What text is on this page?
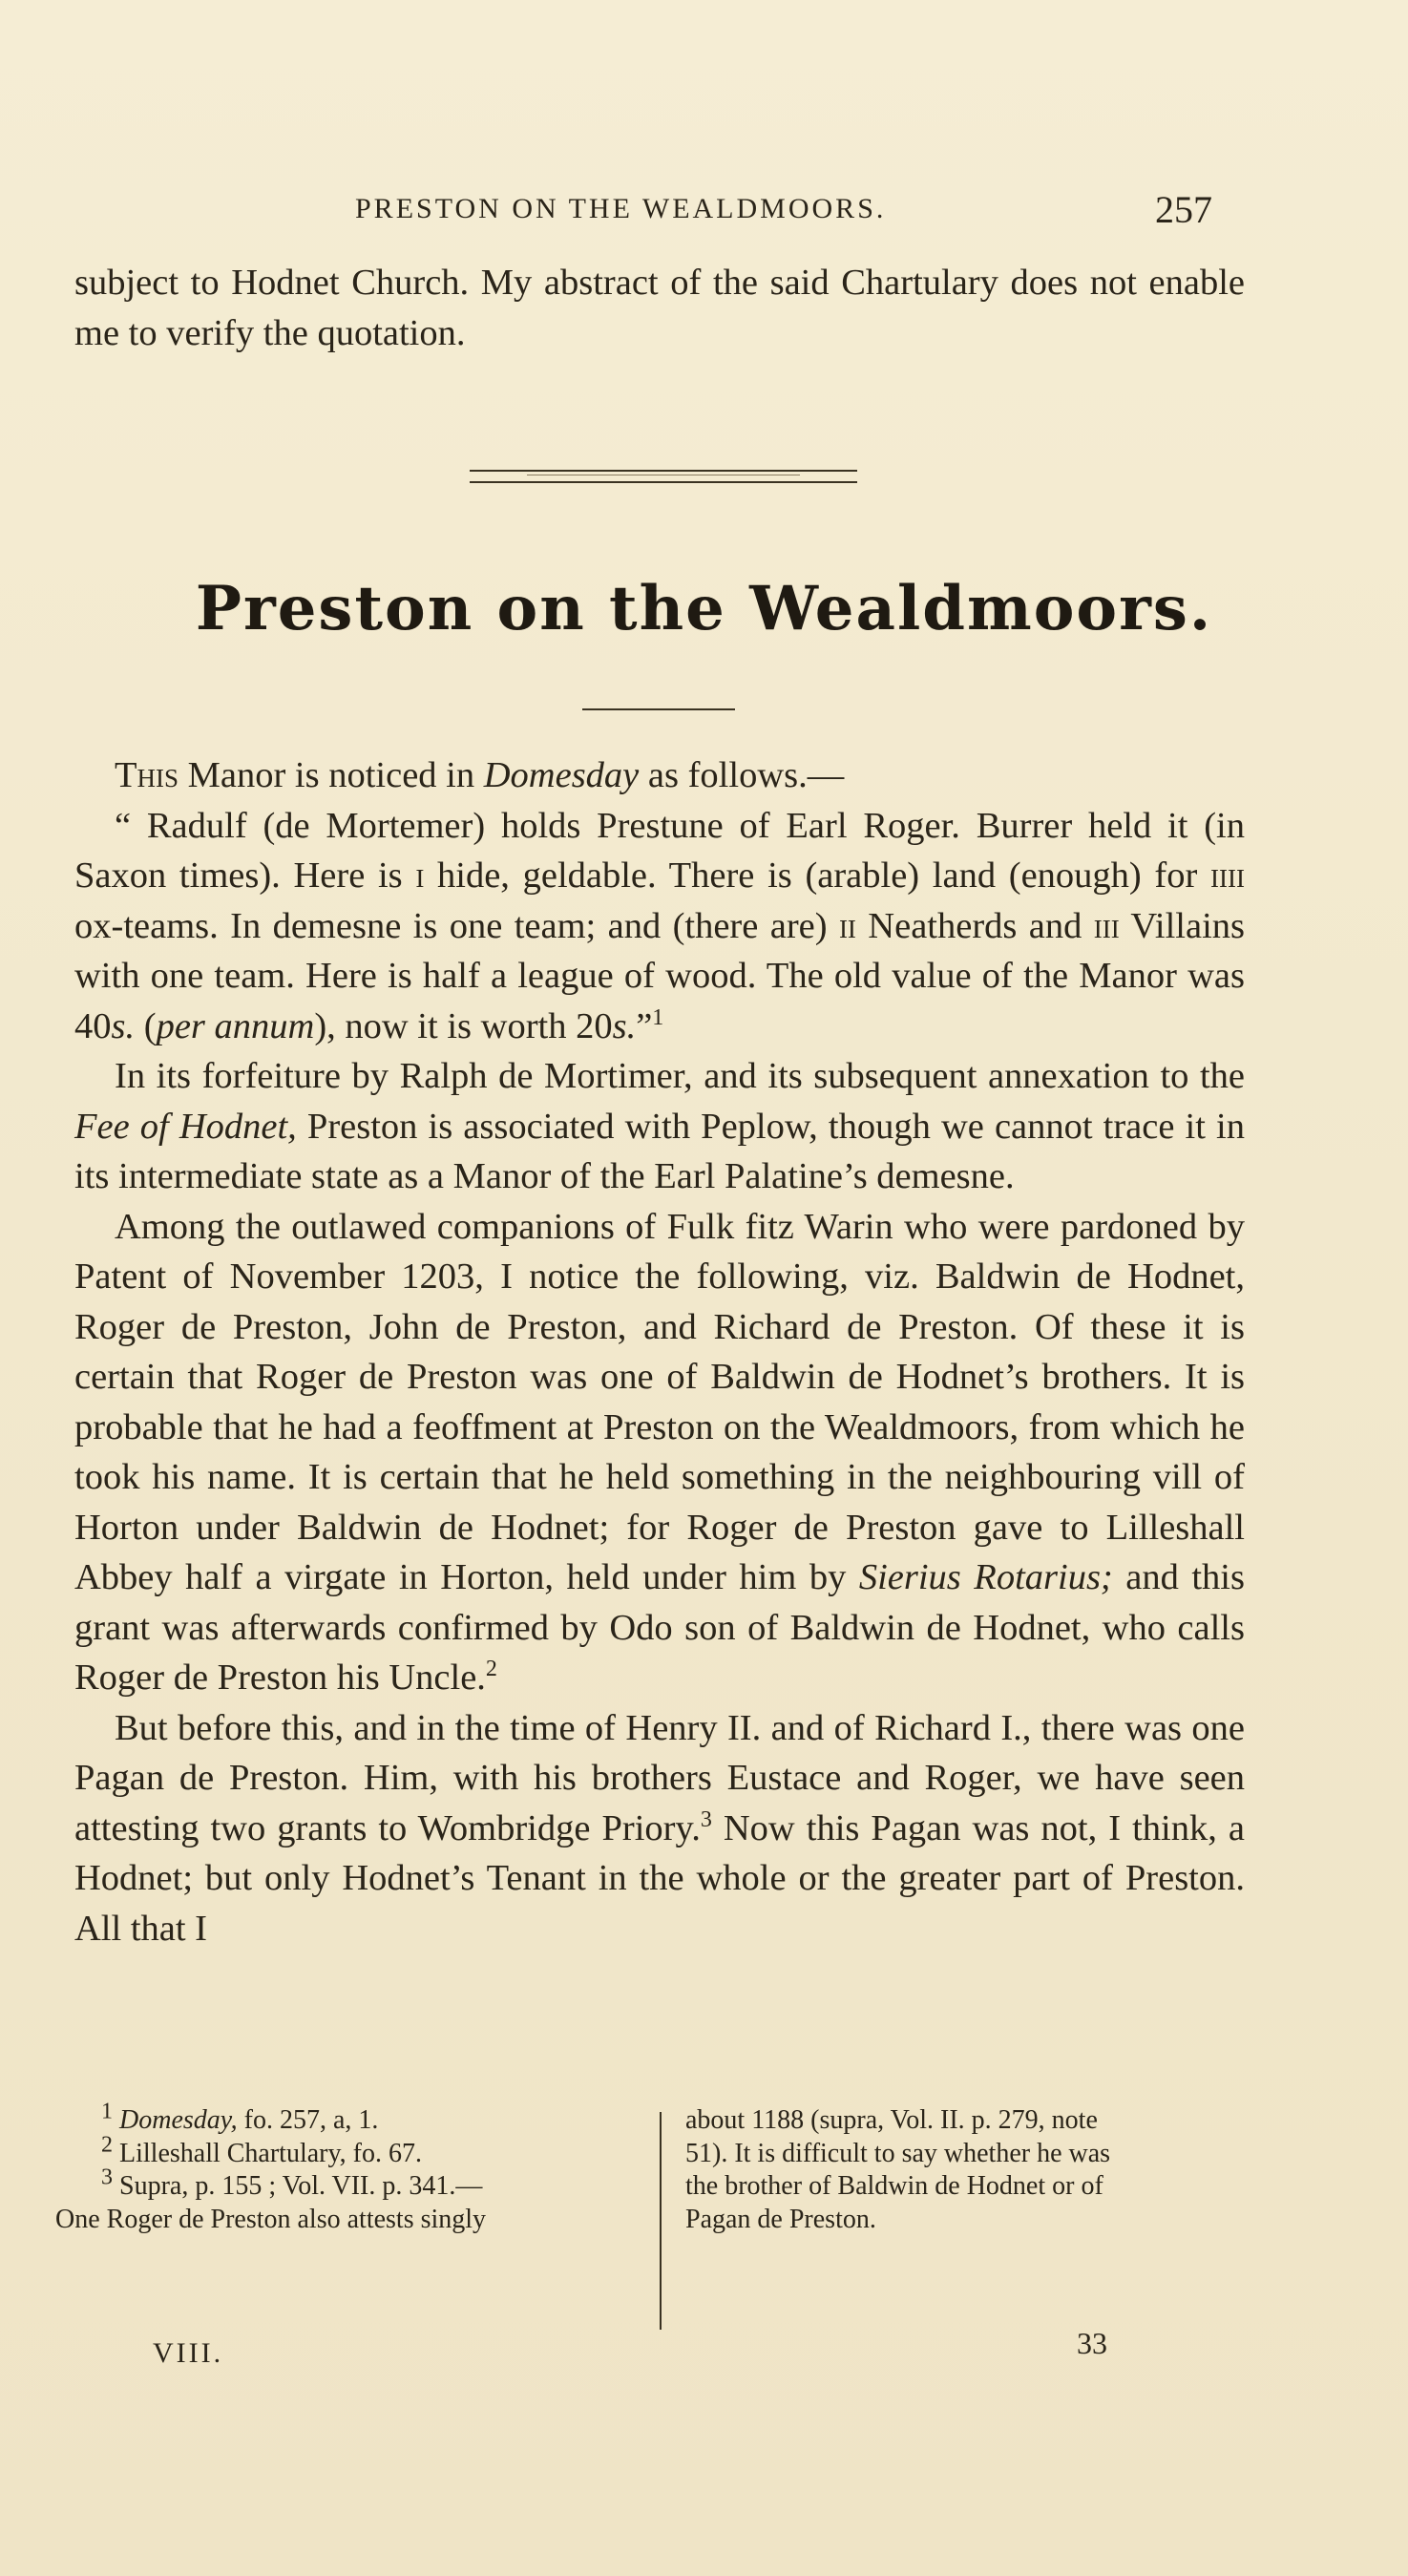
PRESTON ON THE WEALDMOORS.	257

subject to Hodnet Church. My abstract of the said Chartulary does not enable me to verify the quotation.

Preston on the Wealdmoors.

This Manor is noticed in Domesday as follows.—

“ Radulf (de Mortemer) holds Prestune of Earl Roger. Burrer held it (in Saxon times). Here is i hide, geldable. There is (arable) land (enough) for iiii ox-teams. In demesne is one team; and (there are) ii Neatherds and iii Villains with one team. Here is half a league of wood. The old value of the Manor was 40s. (per annum), now it is worth 20s.”$^1$

In its forfeiture by Ralph de Mortimer, and its subsequent annexation to the Fee of Hodnet, Preston is associated with Peplow, though we cannot trace it in its intermediate state as a Manor of the Earl Palatine’s demesne.

Among the outlawed companions of Fulk fitz Warin who were pardoned by Patent of November 1203, I notice the following, viz. Baldwin de Hodnet, Roger de Preston, John de Preston, and Richard de Preston. Of these it is certain that Roger de Preston was one of Baldwin de Hodnet’s brothers. It is probable that he had a feoffment at Preston on the Wealdmoors, from which he took his name. It is certain that he held something in the neighbouring vill of Horton under Baldwin de Hodnet; for Roger de Preston gave to Lilleshall Abbey half a virgate in Horton, held under him by Sierius Rotarius; and this grant was afterwards confirmed by Odo son of Baldwin de Hodnet, who calls Roger de Preston his Uncle.$^2$

But before this, and in the time of Henry II. and of Richard I., there was one Pagan de Preston. Him, with his brothers Eustace and Roger, we have seen attesting two grants to Wombridge Priory.$^3$ Now this Pagan was not, I think, a Hodnet; but only Hodnet’s Tenant in the whole or the greater part of Preston. All that I

$^1$ Domesday, fo. 257, a, 1.
$^2$ Lilleshall Chartulary, fo. 67.
$^3$ Supra, p. 155 ; Vol. VII. p. 341.—
One Roger de Preston also attests singly
about 1188 (supra, Vol. II. p. 279, note
51). It is difficult to say whether he was
the brother of Baldwin de Hodnet or of
Pagan de Preston.
VIII.	33
